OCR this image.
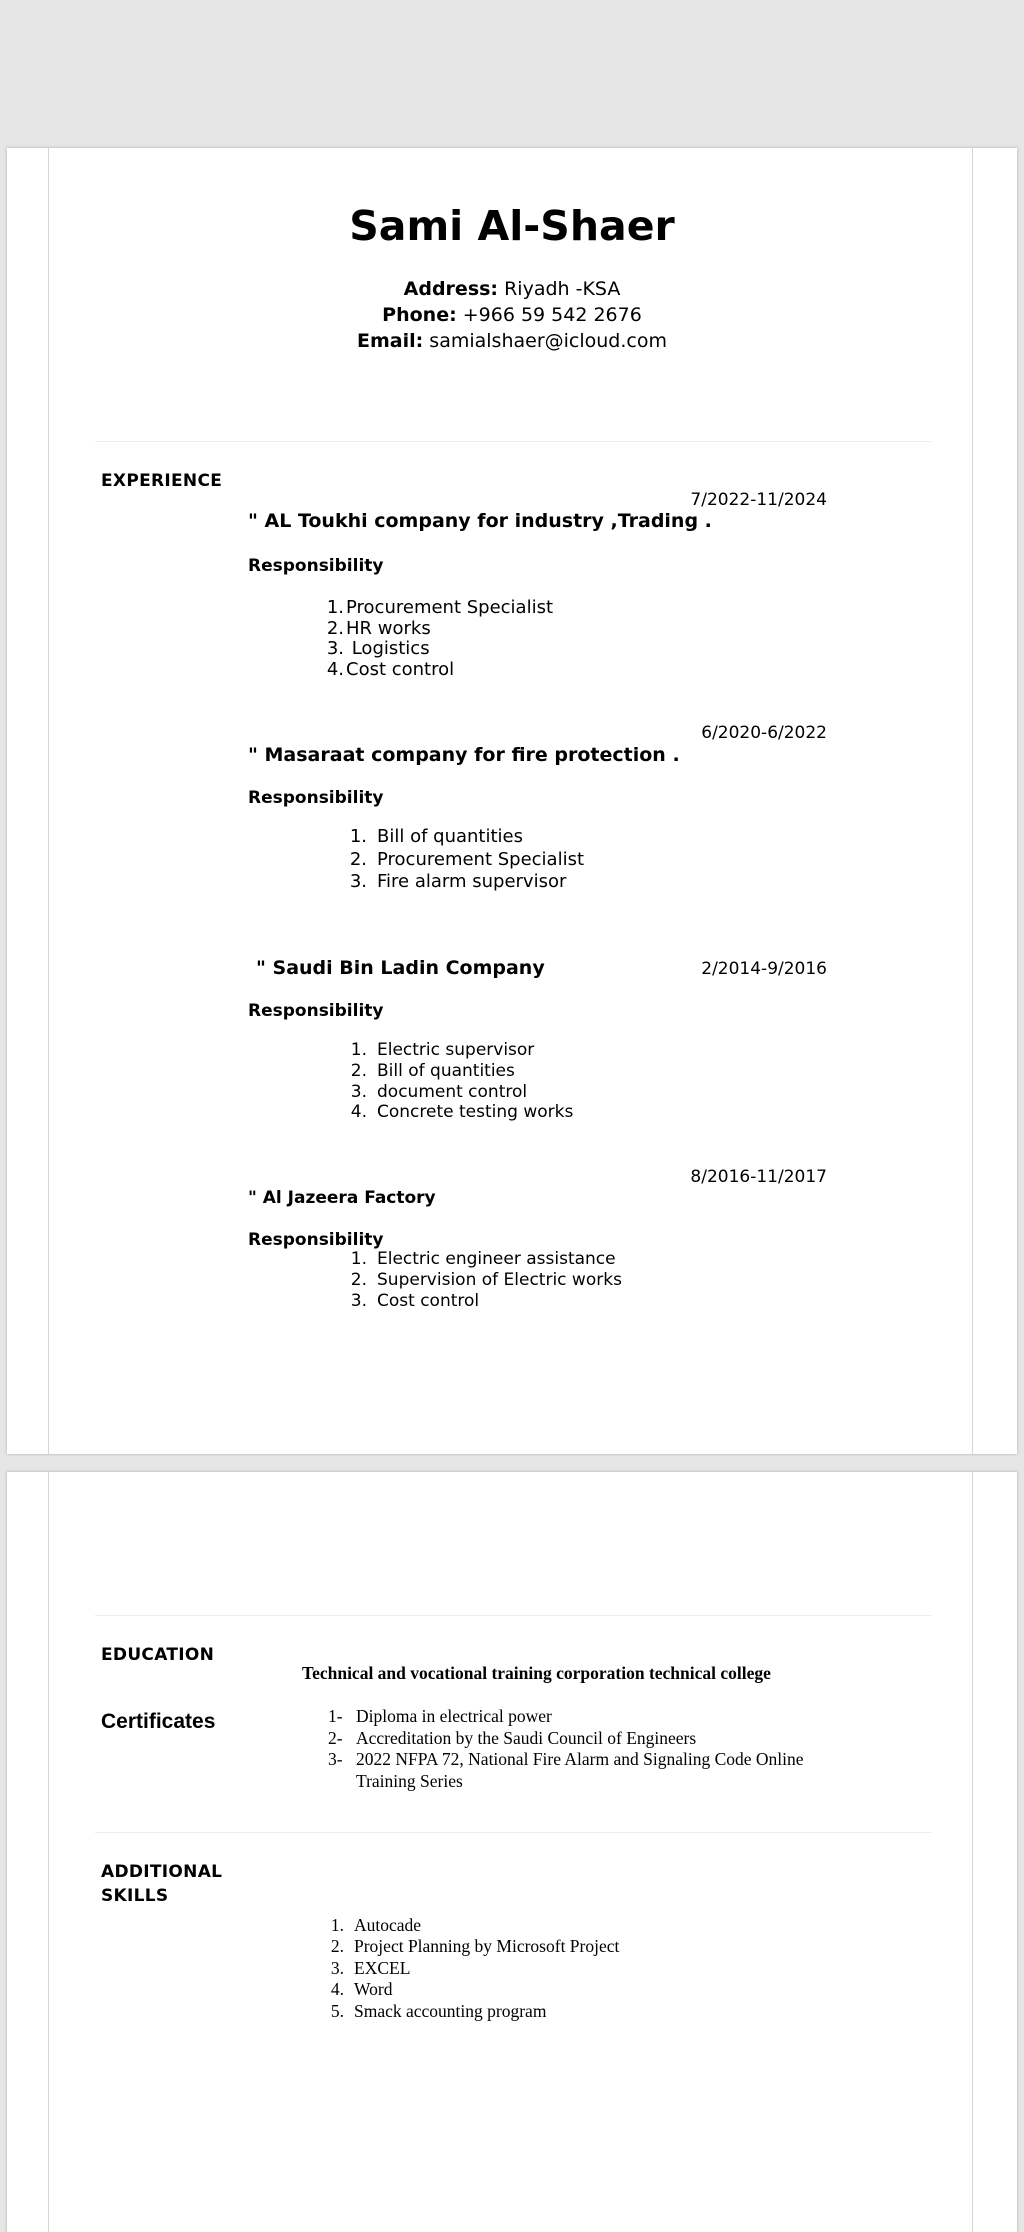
Sami Al-Shaer
Address: Riyadh -KSA
Phone: +966 59 542 2676
Email: samialshaer@icloud.com
EXPERIENCE
7/2022-11/2024
" AL Toukhi company for industry ,Trading .
Responsibility
1. Procurement Specialist
2. HR works
3. Logistics
4. Cost control
6/2020-6/2022
" Masaraat company for fire protection .
Responsibility
1. Bill of quantities
2. Procurement Specialist
3. Fire alarm supervisor
" Saudi Bin Ladin Company	2/2014-9/2016
Responsibility
1. Electric supervisor
2. Bill of quantities
3. document control
4. Concrete testing works
8/2016-11/2017
" Al Jazeera Factory
Responsibility
1. Electric engineer assistance
2. Supervision of Electric works
3. Cost control
EDUCATION
Technical and vocational training corporation technical college
Certificates	1- Diploma in electrical power
2- Accreditation by the Saudi Council of Engineers
3- 2022 NFPA 72, National Fire Alarm and Signaling Code Online
Training Series
ADDITIONAL
SKILLS
1. Autocade
2. Project Planning by Microsoft Project
3. EXCEL
4. Word
5. Smack accounting program
